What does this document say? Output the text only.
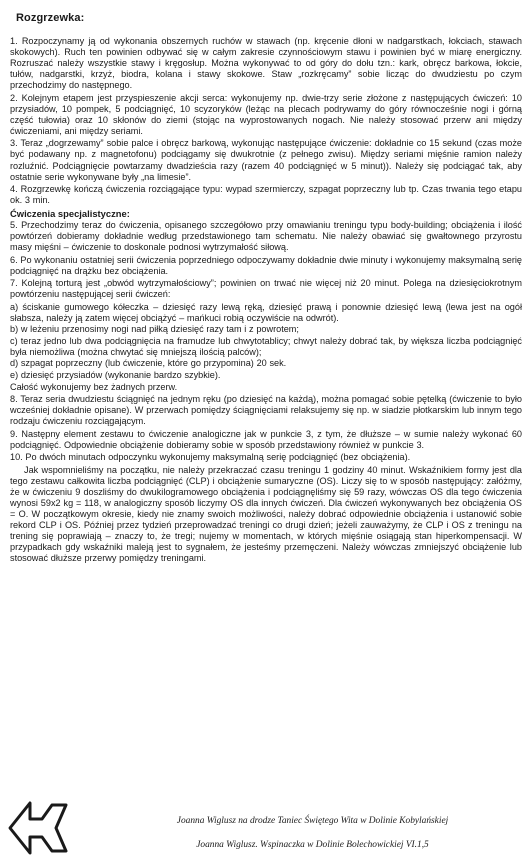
Rozgrzewka:

1. Rozpoczynamy ją od wykonania obszernych ruchów w stawach (np. kręcenie dłoni w nadgarstkach, łokciach, stawach skokowych). Ruch ten powinien odbywać się w całym zakresie czynnościowym stawu i powinien być w miarę energiczny. Rozruszać należy wszystkie stawy i kręgosłup. Można wykonywać to od góry do dołu tzn.: kark, obręcz barkowa, łokcie, tułów, nadgarstki, krzyż, biodra, kolana i stawy skokowe. Staw „rozkręcamy” sobie licząc do dwudziestu po czym przechodzimy do następnego.

2. Kolejnym etapem jest przyspieszenie akcji serca: wykonujemy np. dwie-trzy serie złożone z następujących ćwiczeń: 10 przysiadów, 10 pompek, 5 podciągnięć, 10 scyzoryków (leżąc na plecach podrywamy do góry równocześnie nogi i górną część tułowia) oraz 10 skłonów do ziemi (stojąc na wyprostowanych nogach. Nie należy stosować przerw ani między ćwiczeniami, ani między seriami.

3. Teraz „dogrzewamy” sobie palce i obręcz barkową, wykonując następujące ćwiczenie: dokładnie co 15 sekund (czas może być podawany np. z magnetofonu) podciągamy się dwukrotnie (z pełnego zwisu). Między seriami mięśnie ramion należy rozluźnić. Podciągnięcie powtarzamy dwadzieścia razy (razem 40 podciągnięć w 5 minut)). Należy się podciągać tak, aby ostatnie serie wykonywane były „na limesie”.

4. Rozgrzewkę kończą ćwiczenia rozciągające typu: wypad szermierczy, szpagat poprzeczny lub tp. Czas trwania tego etapu ok. 3 min.

Ćwiczenia specjalistyczne:

5. Przechodzimy teraz do ćwiczenia, opisanego szczegółowo przy omawianiu treningu typu body-building; obciążenia i ilość powtórzeń dobieramy dokładnie według przedstawionego tam schematu. Nie należy obawiać się gwałtownego przyrostu masy mięśni – ćwiczenie to doskonale podnosi wytrzymałość siłową.

6. Po wykonaniu ostatniej serii ćwiczenia poprzedniego odpoczywamy dokładnie dwie minuty i wykonujemy maksymalną serię podciągnięć na drążku bez obciążenia.

7. Kolejną torturą jest „obwód wytrzymałościowy”; powinien on trwać nie więcej niż 20 minut. Polega na dziesięciokrotnym powtórzeniu następującej serii ćwiczeń:

a) ściskanie gumowego kółeczka – dziesięć razy lewą ręką, dziesięć prawą i ponownie dziesięć lewą (lewa jest na ogół słabsza, należy ją zatem więcej obciążyć – mańkuci robią oczywiście na odwrót).

b) w leżeniu przenosimy nogi nad piłką dziesięć razy tam i z powrotem;

c) teraz jedno lub dwa podciągnięcia na framudze lub chwytotablicy; chwyt należy dobrać tak, by większa liczba podciągnięć była niemożliwa (można chwytać się mniejszą ilością palców);

d) szpagat poprzeczny (lub ćwiczenie, które go przypomina) 20 sek.

e) dziesięć przysiadów (wykonanie bardzo szybkie).

Całość wykonujemy bez żadnych przerw.

8. Teraz seria dwudziestu ściągnięć na jednym ręku (po dziesięć na każdą), można pomagać sobie pętelką (ćwiczenie to było wcześniej dokładnie opisane). W przerwach pomiędzy ściągnięciami relaksujemy się np. w siadzie płotkarskim lub innym tego rodzaju ćwiczeniu rozciągającym.

9. Następny element zestawu to ćwiczenie analogiczne jak w punkcie 3, z tym, że dłuższe – w sumie należy wykonać 60 podciągnięć. Odpowiednie obciążenie dobieramy sobie w sposób przedstawiony również w punkcie 3.

10. Po dwóch minutach odpoczynku wykonujemy maksymalną serię podciągnięć (bez obciążenia).

Jak wspomnieliśmy na początku, nie należy przekraczać czasu treningu 1 godziny 40 minut. Wskaźnikiem formy jest dla tego zestawu całkowita liczba podciągnięć (CLP) i obciążenie sumaryczne (OS). Liczy się to w sposób następujący: załóżmy, że w ćwiczeniu 9 doszliśmy do dwukilogramowego obciążenia i podciągnęliśmy się 59 razy, wówczas OS dla tego ćwiczenia wynosi 59x2 kg = 118, w analogiczny sposób liczymy OS dla innych ćwiczeń. Dla ćwiczeń wykonywanych bez obciążenia OS = O. W początkowym okresie, kiedy nie znamy swoich możliwości, należy dobrać odpowiednie obciążenia i ustanowić sobie rekord CLP i OS. Później przez tydzień przeprowadzać treningi co drugi dzień; jeżeli zauważymy, że CLP i OS z treningu na trening się poprawiają – znaczy to, że tregi; nujemy w momentach, w których mięśnie osiągają stan hiperkompensacji. W przypadkach gdy wskaźniki maleją jest to sygnałem, że jesteśmy przemęczeni. Należy wówczas zmniejszyć obciążenie lub stosować dłuższe przerwy pomiędzy treningami.

Joanna Wiglusz na drodze Taniec Świętego Wita w Dolinie Kobylańskiej
Joanna Wiglusz. Wspinaczka w Dolinie Bolechowickiej VI.1,5
